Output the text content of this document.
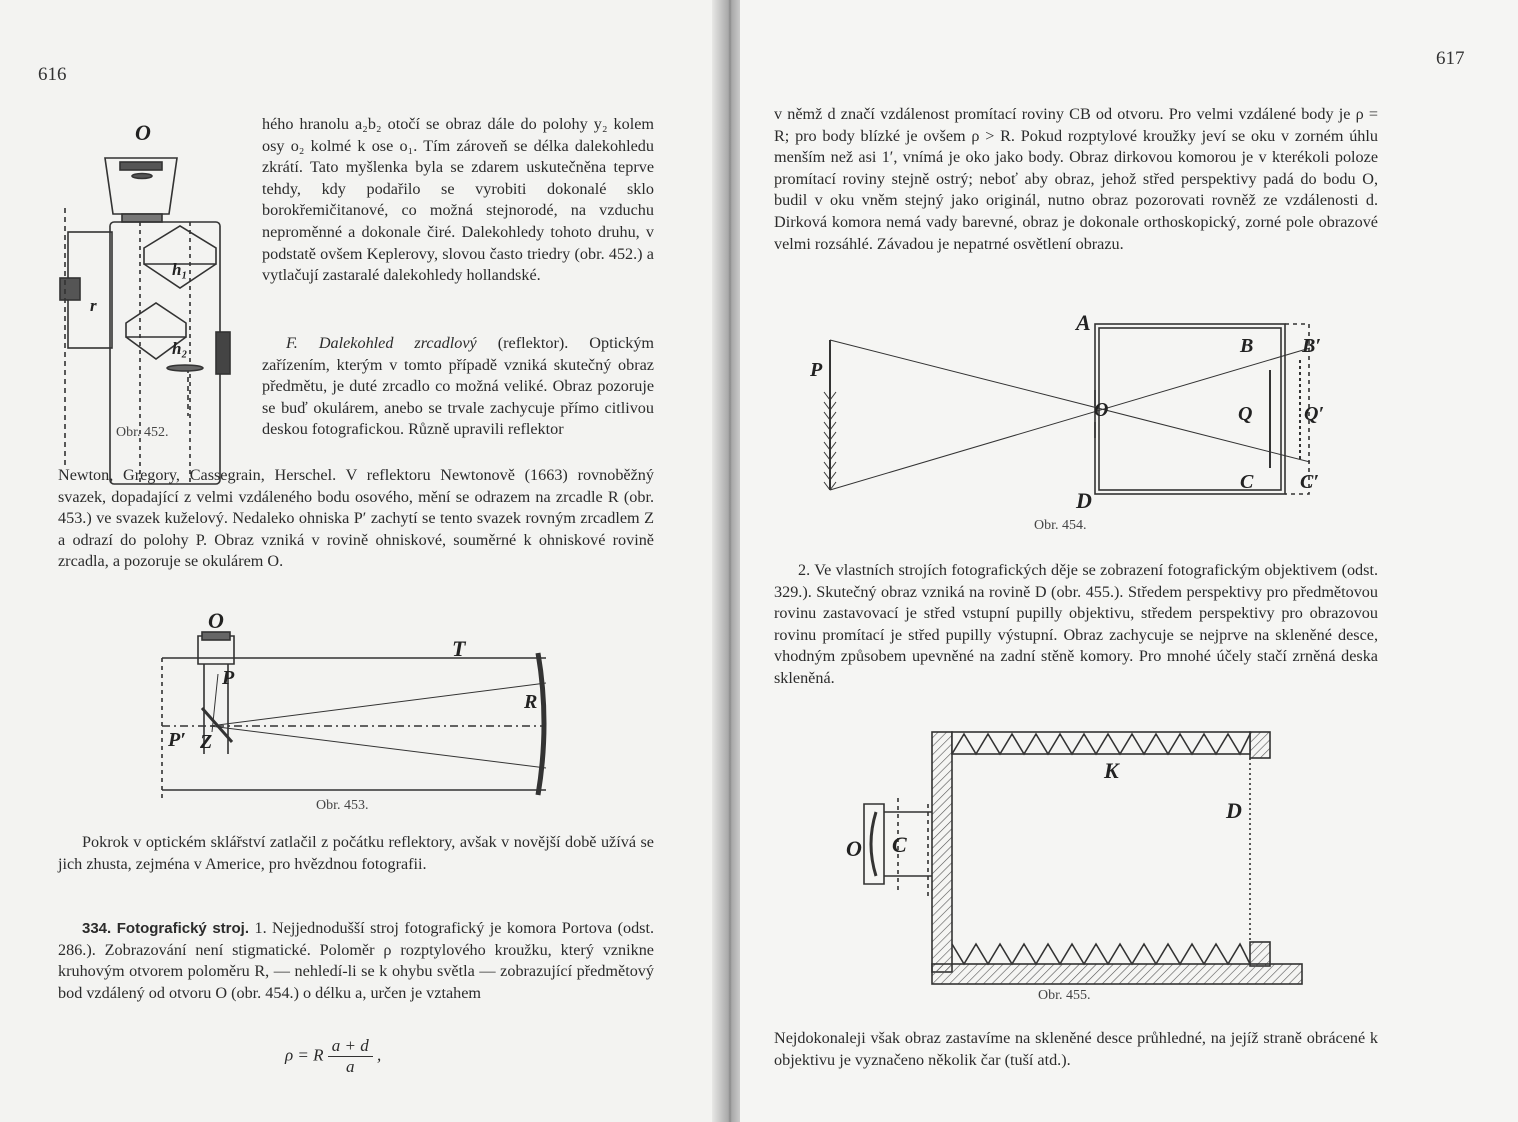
616
O
h₁
r
h₂
Obr. 452.
hého hranolu a₂b₂ otočí se obraz dále do polohy y₂ kolem osy o₂ kolmé k ose o₁. Tím zároveň se délka dalekohledu zkrátí. Tato myšlenka byla se zdarem uskutečněna teprve tehdy, kdy podařilo se vyrobiti dokonalé sklo borokřemičitanové, co možná stejnorodé, na vzduchu neproměnné a dokonale čiré. Dalekohledy tohoto druhu, v podstatě ovšem Keplerovy, slovou často triedry (obr. 452.) a vytlačují zastaralé dalekohledy hollandské.

F. Dalekohled zrcadlový (reflektor). Optickým zařízením, kterým v tomto případě vzniká skutečný obraz předmětu, je duté zrcadlo co možná veliké. Obraz pozoruje se buď okulárem, anebo se trvale zachycuje přímo citlivou deskou fotografickou. Různě upravili reflektor

Newton, Gregory, Cassegrain, Herschel. V reflektoru Newtonově (1663) rovnoběžný svazek, dopadající z velmi vzdáleného bodu osového, mění se odrazem na zrcadle R (obr. 453.) ve svazek kuželový. Nedaleko ohniska P′ zachytí se tento svazek rovným zrcadlem Z a odrazí do polohy P. Obraz vzniká v rovině ohniskové, souměrné k ohniskové rovině zrcadla, a pozoruje se okulárem O.
O
T
P
R
P′ Z
Obr. 453.

Pokrok v optickém sklářství zatlačil z počátku reflektory, avšak v novější době užívá se jich zhusta, zejména v Americe, pro hvězdnou fotografii.

334. Fotografický stroj. 1. Nejjednodušší stroj fotografický je komora Portova (odst. 286.). Zobrazování není stigmatické. Poloměr ρ rozptylového kroužku, který vznikne kruhovým otvorem poloměru R, — nehledí-li se k ohybu světla — zobrazující předmětový bod vzdálený od otvoru O (obr. 454.) o délku a, určen je vztahem

ρ = R $\frac{a + d}{a}$ ,
617
v němž d značí vzdálenost promítací roviny CB od otvoru. Pro velmi vzdálené body je ρ = R; pro body blízké je ovšem ρ > R. Pokud rozptylové kroužky jeví se oku v zorném úhlu menším než asi 1′, vnímá je oko jako body. Obraz dirkovou komorou je v kterékoli poloze promítací roviny stejně ostrý; neboť aby obraz, jehož střed perspektivy padá do bodu O, budil v oku vněm stejný jako originál, nutno obraz pozorovati rovněž ze vzdálenosti d. Dirková komora nemá vady barevné, obraz je dokonale orthoskopický, zorné pole obrazové velmi rozsáhlé. Závadou je nepatrné osvětlení obrazu.
A
B B′
P
O	Q	Q′
C C′
D
Obr. 454.

2. Ve vlastních strojích fotografických děje se zobrazení fotografickým objektivem (odst. 329.). Skutečný obraz vzniká na rovině D (obr. 455.). Středem perspektivy pro předmětovou rovinu zastavovací je střed vstupní pupilly objektivu, středem perspektivy pro obrazovou rovinu promítací je střed pupilly výstupní. Obraz zachycuje se nejprve na skleněné desce, vhodným způsobem upevněné na zadní stěně komory. Pro mnohé účely stačí zrněná deska skleněná.

K
D
O C
Obr. 455.
Nejdokonaleji však obraz zastavíme na skleněné desce průhledné, na jejíž straně obrácené k objektivu je vyznačeno několik čar (tuší atd.).
